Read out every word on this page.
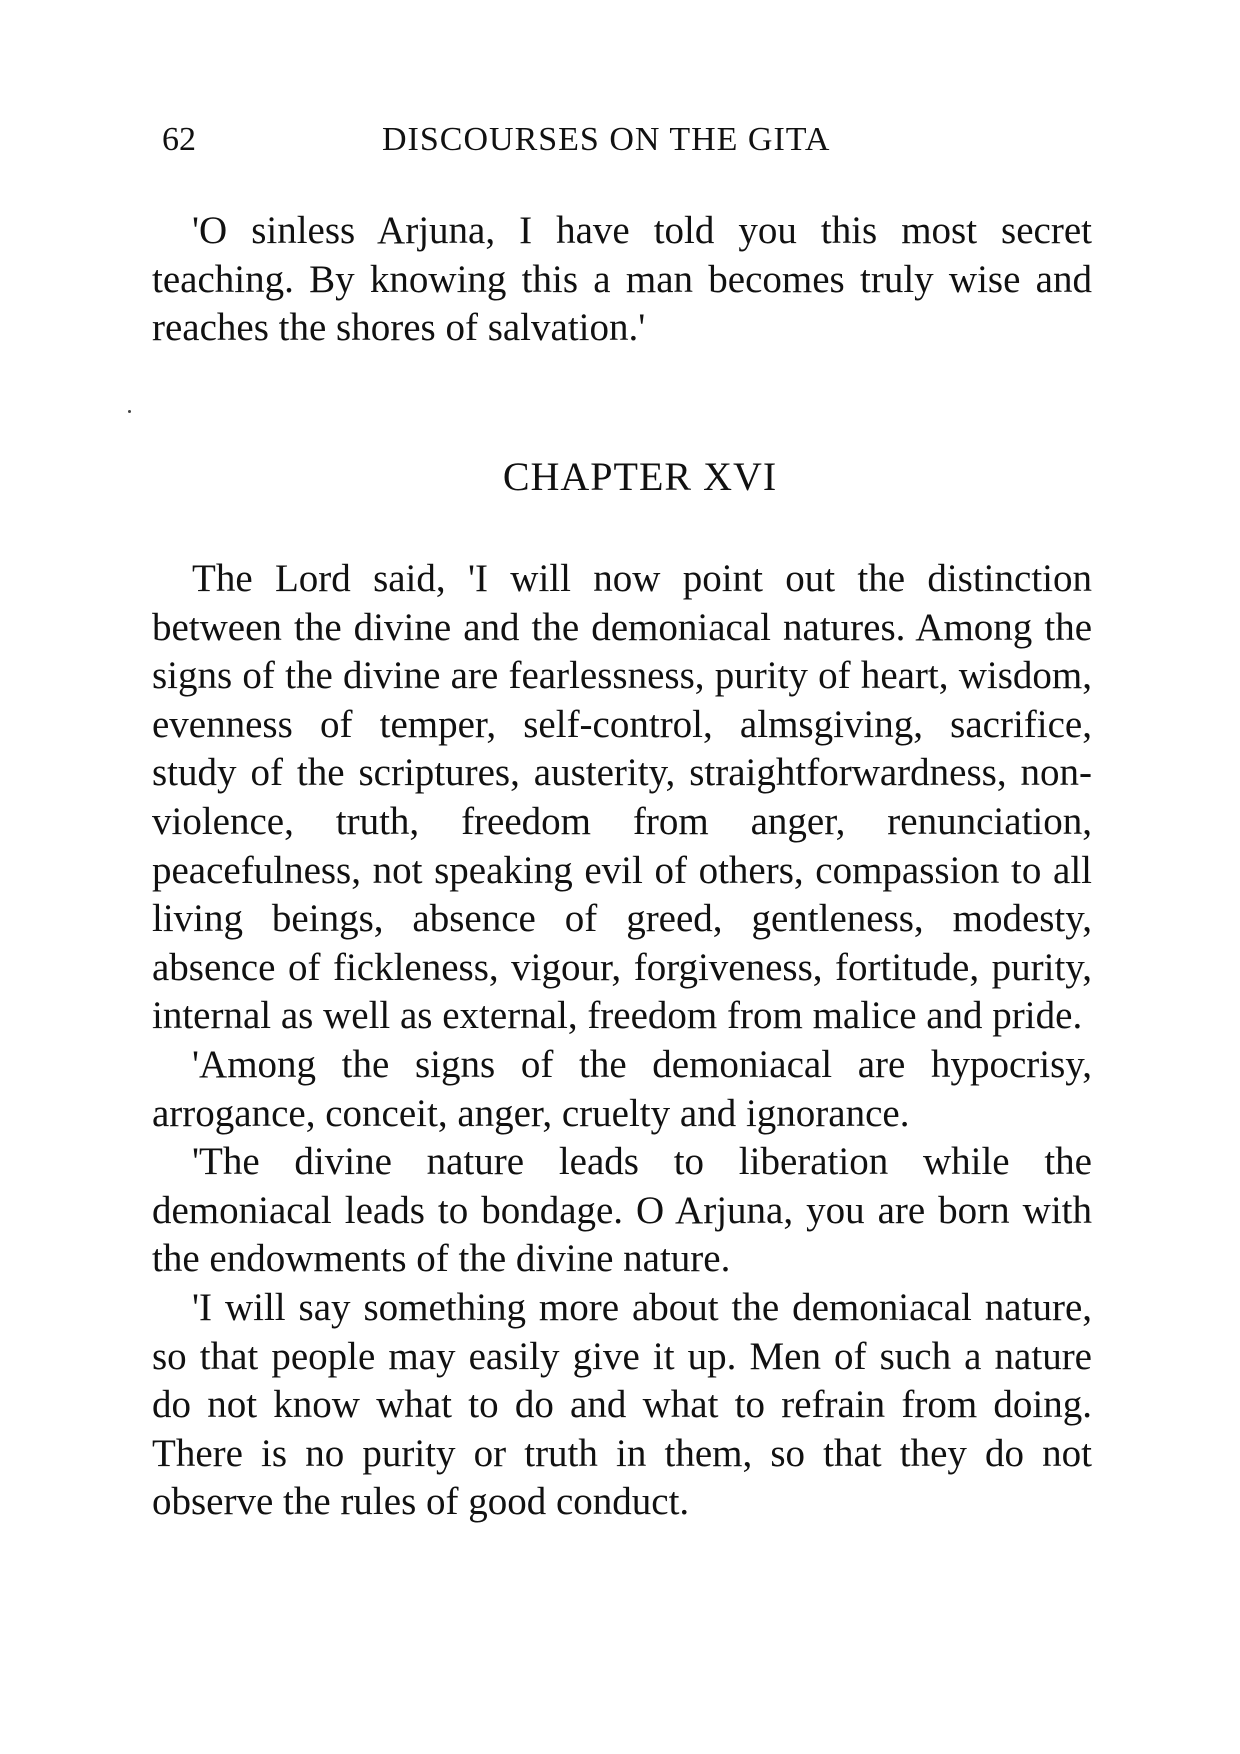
62	DISCOURSES ON THE GITA

'O sinless Arjuna, I have told you this most secret teaching. By knowing this a man becomes truly wise and reaches the shores of salvation.'

CHAPTER XVI

The Lord said, 'I will now point out the distinction between the divine and the demoniacal natures. Among the signs of the divine are fearlessness, purity of heart, wisdom, evenness of temper, self-control, almsgiving, sacrifice, study of the scriptures, austerity, straightforwardness, non-violence, truth, freedom from anger, renunciation, peacefulness, not speaking evil of others, compassion to all living beings, absence of greed, gentleness, modesty, absence of fickleness, vigour, forgiveness, fortitude, purity, internal as well as external, freedom from malice and pride.

'Among the signs of the demoniacal are hypocrisy, arrogance, conceit, anger, cruelty and ignorance.

'The divine nature leads to liberation while the demoniacal leads to bondage. O Arjuna, you are born with the endowments of the divine nature.

'I will say something more about the demoniacal nature, so that people may easily give it up. Men of such a nature do not know what to do and what to refrain from doing. There is no purity or truth in them, so that they do not observe the rules of good conduct.
